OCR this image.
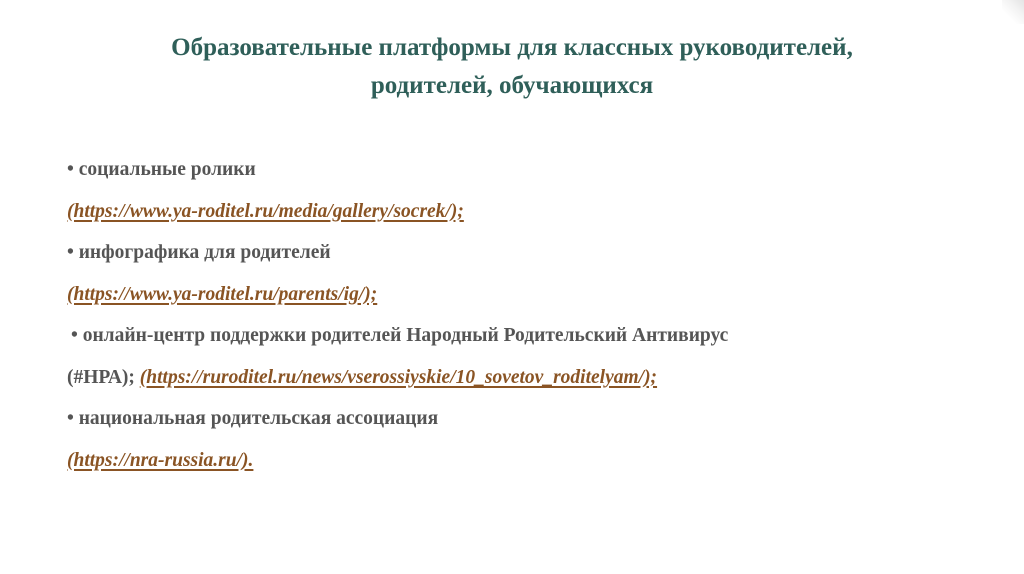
Образовательные платформы для классных руководителей,
родителей, обучающихся
• социальные ролики
(https://www.ya-roditel.ru/media/gallery/socrek/);
• инфографика для родителей
(https://www.ya-roditel.ru/parents/ig/);
• онлайн-центр поддержки родителей Народный Родительский Антивирус
(#НРА); (https://ruroditel.ru/news/vserossiyskie/10_sovetov_roditelyam/);
• национальная родительская ассоциация
(https://nra-russia.ru/).
